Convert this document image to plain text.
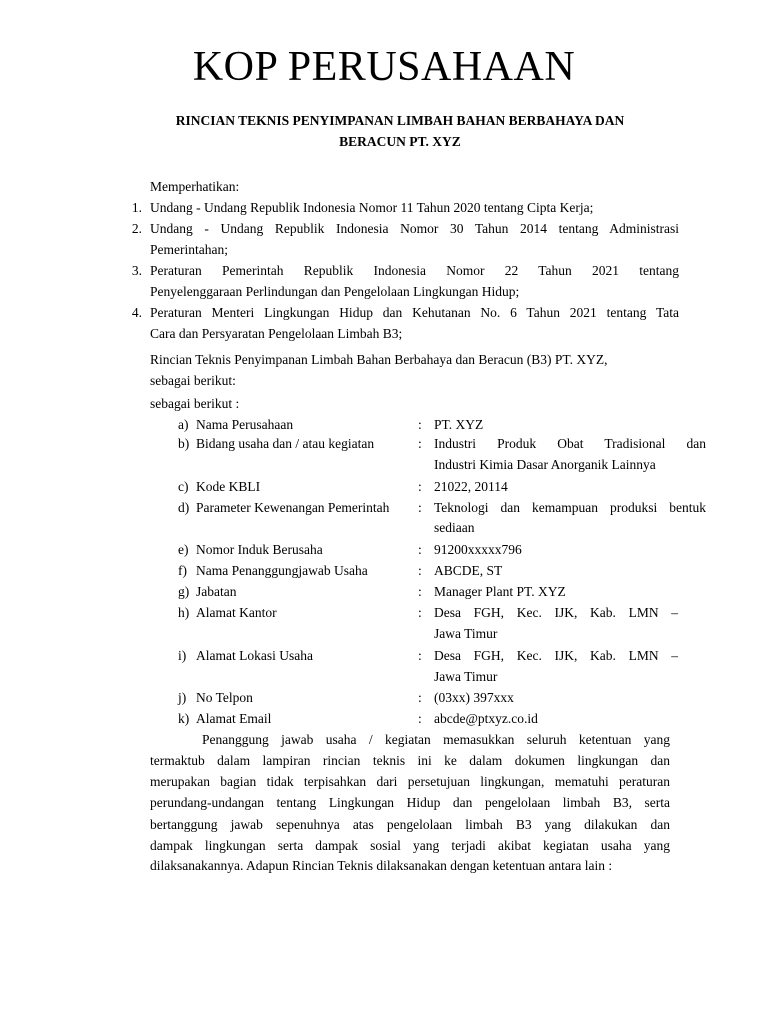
KOP PERUSAHAAN
RINCIAN TEKNIS PENYIMPANAN LIMBAH BAHAN BERBAHAYA DAN
BERACUN PT. XYZ
Memperhatikan:
1. Undang - Undang Republik Indonesia Nomor 11 Tahun 2020 tentang Cipta Kerja;
2. Undang - Undang Republik Indonesia Nomor 30 Tahun 2014 tentang Administrasi
Pemerintahan;
3. Peraturan Pemerintah Republik Indonesia Nomor 22 Tahun 2021 tentang
Penyelenggaraan Perlindungan dan Pengelolaan Lingkungan Hidup;
4. Peraturan Menteri Lingkungan Hidup dan Kehutanan No. 6 Tahun 2021 tentang Tata
Cara dan Persyaratan Pengelolaan Limbah B3;
Rincian Teknis Penyimpanan Limbah Bahan Berbahaya dan Beracun (B3) PT. XYZ,
sebagai berikut:
sebagai berikut :
a) Nama Perusahaan	: PT. XYZ
b) Bidang usaha dan / atau kegiatan	: Industri Produk Obat Tradisional dan
Industri Kimia Dasar Anorganik Lainnya
c) Kode KBLI	: 21022, 20114
d) Parameter Kewenangan Pemerintah : Teknologi dan kemampuan produksi bentuk
sediaan
e) Nomor Induk Berusaha	: 91200xxxxx796
f) Nama Penanggungjawab Usaha	: ABCDE, ST
g) Jabatan	: Manager Plant PT. XYZ
h) Alamat Kantor	: Desa FGH, Kec. IJK, Kab. LMN –
Jawa Timur
i) Alamat Lokasi Usaha	: Desa FGH, Kec. IJK, Kab. LMN –
Jawa Timur
j) No Telpon	: (03xx) 397xxx
k) Alamat Email	: abcde@ptxyz.co.id
Penanggung jawab usaha / kegiatan memasukkan seluruh ketentuan yang
termaktub dalam lampiran rincian teknis ini ke dalam dokumen lingkungan dan
merupakan bagian tidak terpisahkan dari persetujuan lingkungan, mematuhi peraturan
perundang-undangan tentang Lingkungan Hidup dan pengelolaan limbah B3, serta
bertanggung jawab sepenuhnya atas pengelolaan limbah B3 yang dilakukan dan
dampak lingkungan serta dampak sosial yang terjadi akibat kegiatan usaha yang
dilaksanakannya. Adapun Rincian Teknis dilaksanakan dengan ketentuan antara lain :
